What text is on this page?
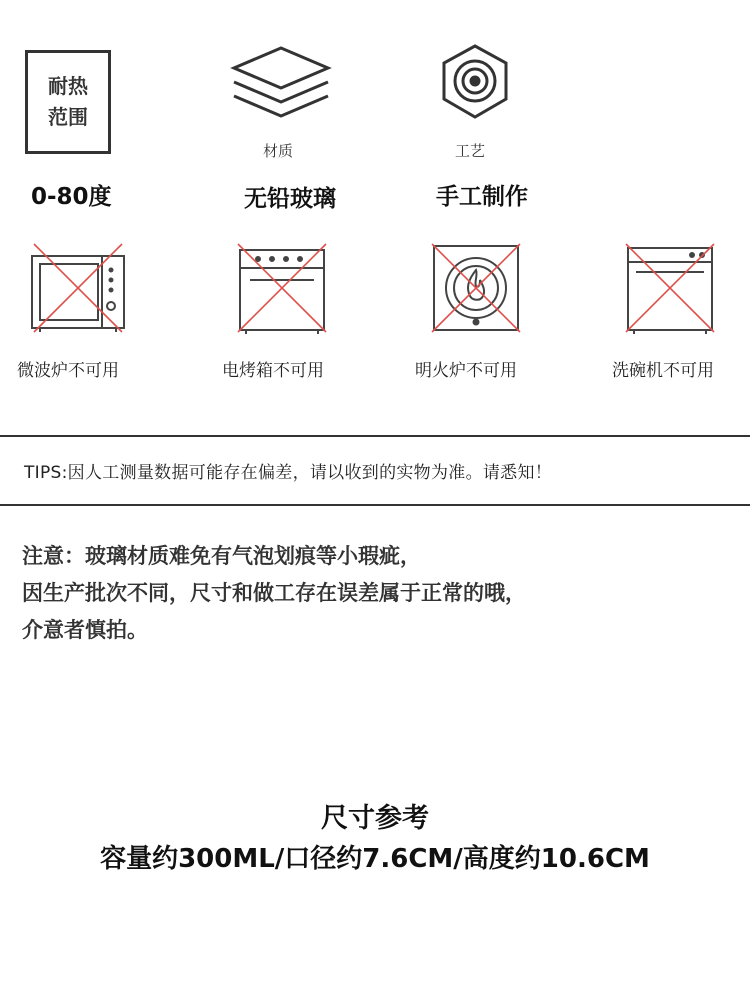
耐热
范围
0-80度
材质
无铅玻璃
工艺
手工制作
微波炉不可用	电烤箱不可用	明火炉不可用	洗碗机不可用
TIPS:因人工测量数据可能存在偏差，请以收到的实物为准。请悉知！
注意：玻璃材质难免有气泡划痕等小瑕疵，
因生产批次不同，尺寸和做工存在误差属于正常的哦，
介意者慎拍。
尺寸参考
容量约300ML/口径约7.6CM/高度约10.6CM
